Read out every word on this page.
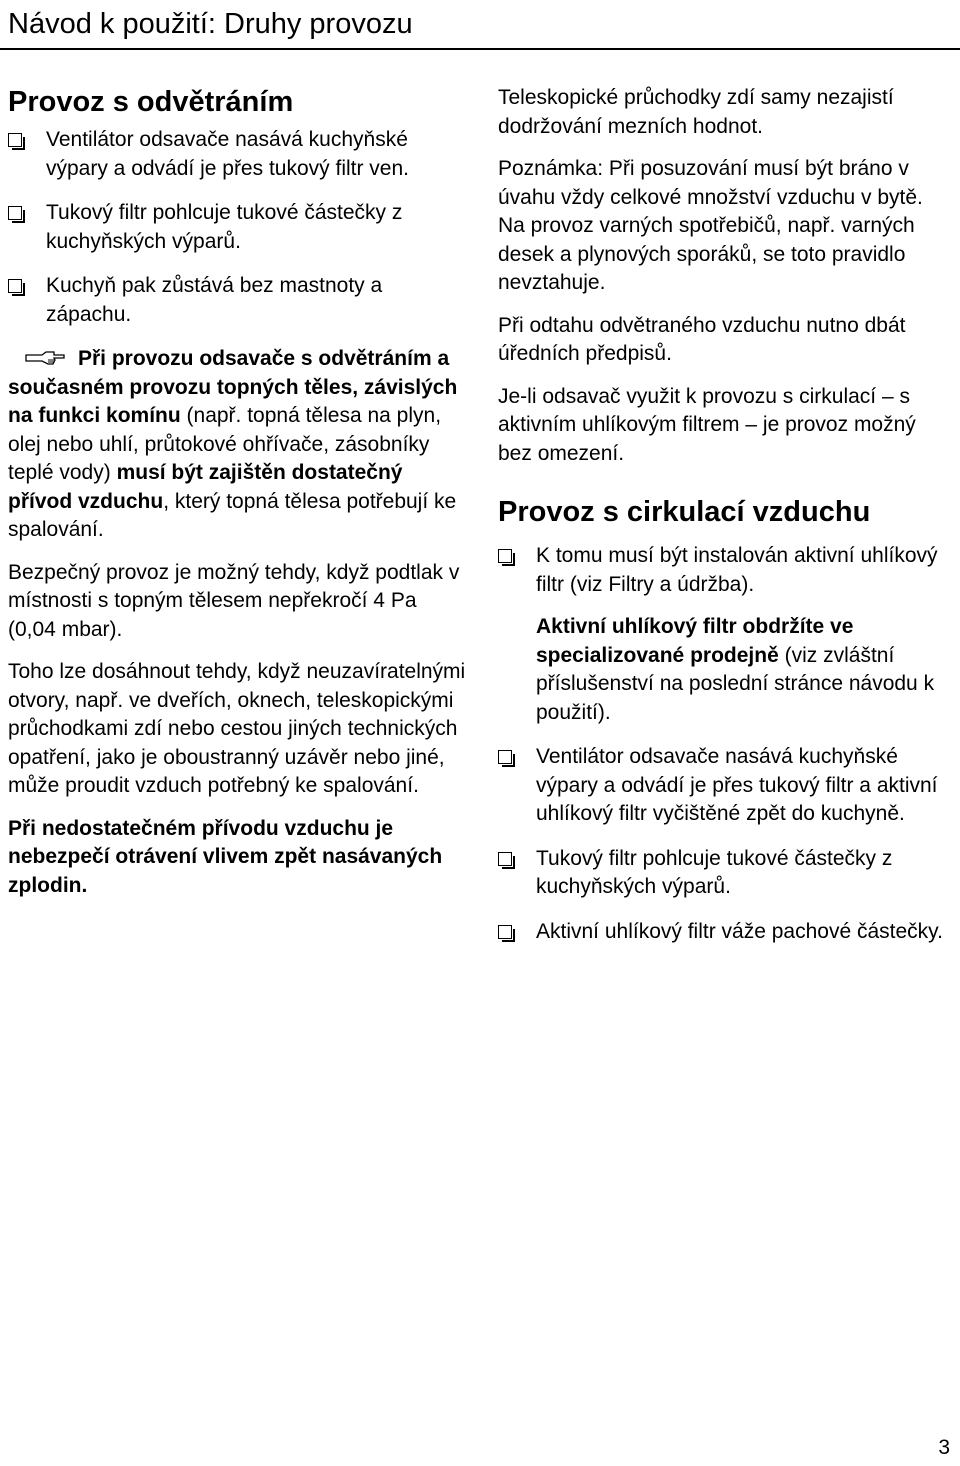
Návod k použití: Druhy provozu
Provoz s odvětráním
Ventilátor odsavače nasává kuchyňské výpary a odvádí je přes tukový filtr ven.
Tukový filtr pohlcuje tukové částečky z kuchyňských výparů.
Kuchyň pak zůstává bez mastnoty a zápachu.

Při provozu odsavače s odvětráním a současném provozu topných těles, závislých na funkci komínu (např. topná tělesa na plyn, olej nebo uhlí, průtokové ohřívače, zásobníky teplé vody) musí být zajištěn dostatečný přívod vzduchu, který topná tělesa potřebují ke spalování.

Bezpečný provoz je možný tehdy, když podtlak v místnosti s topným tělesem nepřekročí 4 Pa (0,04 mbar).

Toho lze dosáhnout tehdy, když neuzavíratelnými otvory, např. ve dveřích, oknech, teleskopickými průchodkami zdí nebo cestou jiných technických opatření, jako je oboustranný uzávěr nebo jiné, může proudit vzduch potřebný ke spalování.

Při nedostatečném přívodu vzduchu je nebezpečí otrávení vlivem zpět nasávaných zplodin.

Teleskopické průchodky zdí samy nezajistí dodržování mezních hodnot.

Poznámka: Při posuzování musí být bráno v úvahu vždy celkové množství vzduchu v bytě. Na provoz varných spotřebičů, např. varných desek a plynových sporáků, se toto pravidlo nevztahuje.

Při odtahu odvětraného vzduchu nutno dbát úředních předpisů.

Je-li odsavač využit k provozu s cirkulací – s aktivním uhlíkovým filtrem – je provoz možný bez omezení.

Provoz s cirkulací vzduchu
K tomu musí být instalován aktivní uhlíkový filtr (viz Filtry a údržba).

Aktivní uhlíkový filtr obdržíte ve specializované prodejně (viz zvláštní příslušenství na poslední stránce návodu k použití).

Ventilátor odsavače nasává kuchyňské výpary a odvádí je přes tukový filtr a aktivní uhlíkový filtr vyčištěné zpět do kuchyně.
Tukový filtr pohlcuje tukové částečky z kuchyňských výparů.
Aktivní uhlíkový filtr váže pachové částečky.
3
